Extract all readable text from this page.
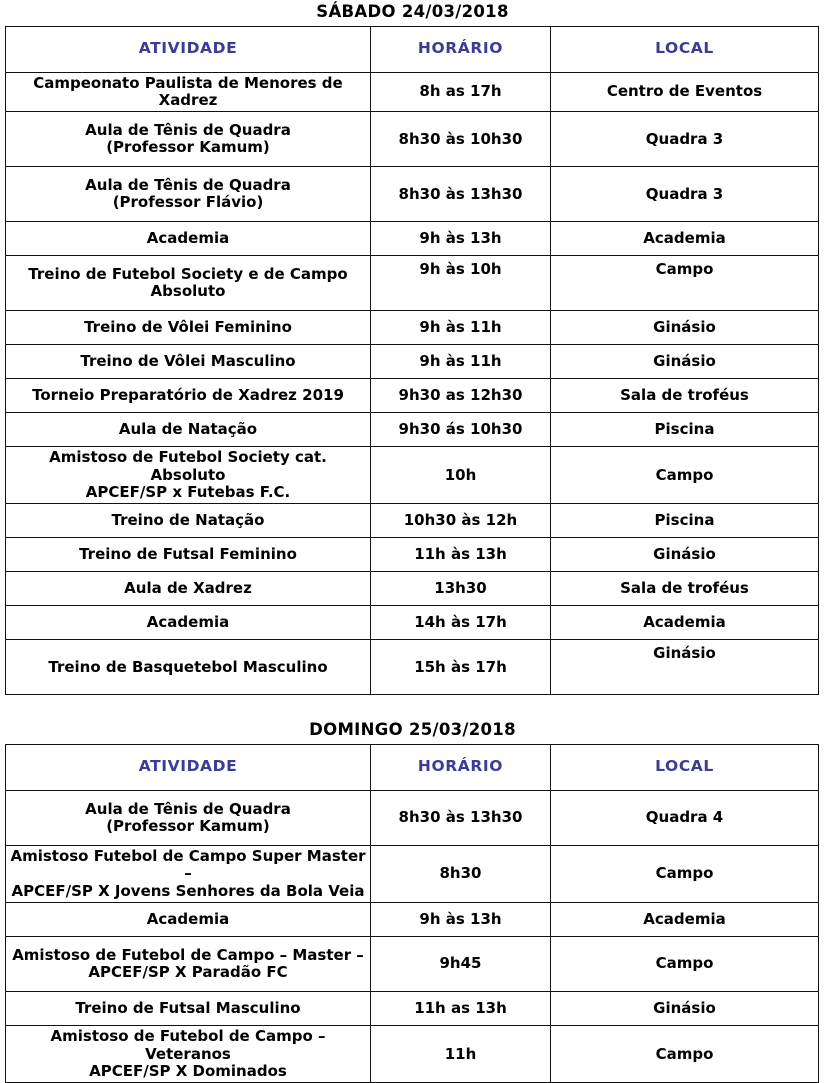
SÁBADO 24/03/2018
ATIVIDADE	HORÁRIO	LOCAL

Campeonato Paulista de Menores de Xadrez	8h as 17h	Centro de Eventos

Aula de Tênis de Quadra
(Professor Kamum)	8h30 às 10h30	Quadra 3

Aula de Tênis de Quadra
(Professor Flávio)	8h30 às 13h30	Quadra 3

Academia	9h às 13h	Academia

Treino de Futebol Society e de Campo
Absoluto	9h às 10h	Campo

Treino de Vôlei Feminino	9h às 11h	Ginásio

Treino de Vôlei Masculino	9h às 11h	Ginásio

Torneio Preparatório de Xadrez 2019	9h30 as 12h30	Sala de troféus

Aula de Natação	9h30 ás 10h30	Piscina

Amistoso de Futebol Society cat. Absoluto
APCEF/SP x Futebas F.C.	10h	Campo

Treino de Natação	10h30 às 12h	Piscina

Treino de Futsal Feminino	11h às 13h	Ginásio

Aula de Xadrez	13h30	Sala de troféus

Academia	14h às 17h	Academia

Treino de Basquetebol Masculino	15h às 17h	Ginásio
DOMINGO 25/03/2018
ATIVIDADE	HORÁRIO	LOCAL

Aula de Tênis de Quadra
(Professor Kamum)	8h30 às 13h30	Quadra 4

Amistoso Futebol de Campo Super Master –
APCEF/SP X Jovens Senhores da Bola Veia	8h30	Campo

Academia	9h às 13h	Academia

Amistoso de Futebol de Campo – Master –
APCEF/SP X Paradão FC	9h45	Campo

Treino de Futsal Masculino	11h as 13h	Ginásio

Amistoso de Futebol de Campo – Veteranos
APCEF/SP X Dominados	11h	Campo
